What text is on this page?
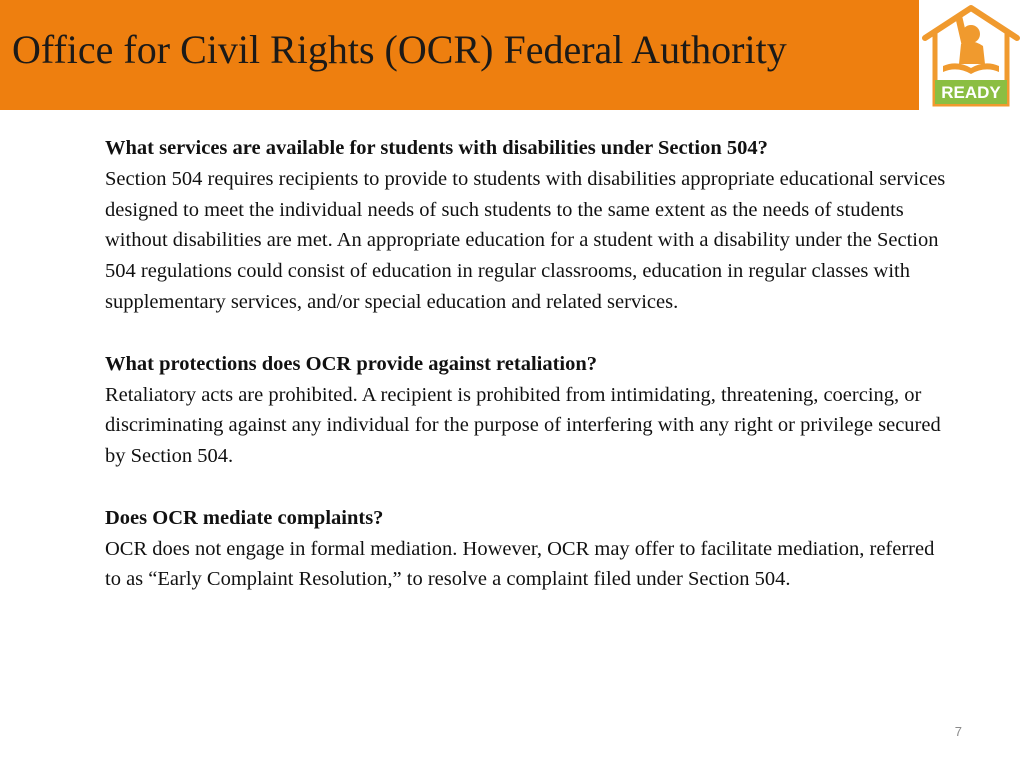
Office for Civil Rights (OCR) Federal Authority
READY

What services are available for students with disabilities under Section 504?

Section 504 requires recipients to provide to students with disabilities appropriate educational services designed to meet the individual needs of such students to the same extent as the needs of students without disabilities are met. An appropriate education for a student with a disability under the Section 504 regulations could consist of education in regular classrooms, education in regular classes with supplementary services, and/or special education and related services.

What protections does OCR provide against retaliation?

Retaliatory acts are prohibited. A recipient is prohibited from intimidating, threatening, coercing, or discriminating against any individual for the purpose of interfering with any right or privilege secured by Section 504.

Does OCR mediate complaints?

OCR does not engage in formal mediation. However, OCR may offer to facilitate mediation, referred to as “Early Complaint Resolution,” to resolve a complaint filed under Section 504.

7
